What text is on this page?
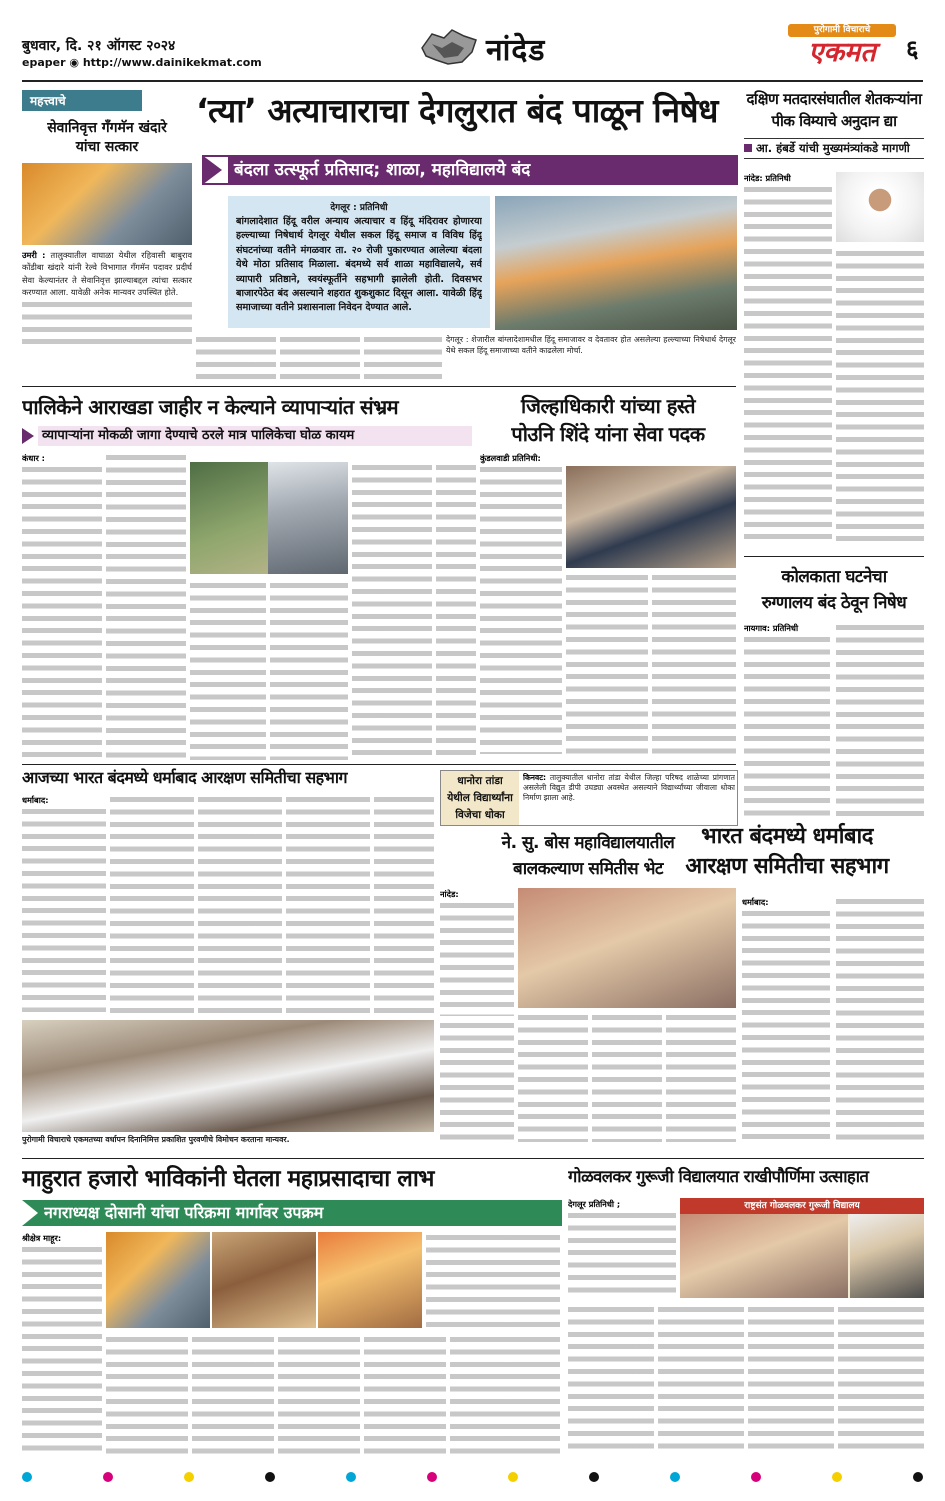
बुधवार, दि. २१ ऑगस्ट २०२४
epaper ◉ http://www.dainikekmat.com	नांदेड
पुरोगामी विचाराचे
एकमत	६
महत्त्वाचे
सेवानिवृत्त गॅंगमॅन खंदारे
यांचा सत्कार
उमरी : तालुक्यातील वाघाळा येथील रहिवासी बाबुराव कोंडीबा खंदारे यांनी रेल्वे विभागात गॅंगमॅन पदावर प्रदीर्घ सेवा केल्यानंतर ते सेवानिवृत्त झाल्याबद्दल त्यांचा सत्कार करण्यात आला. यावेळी अनेक मान्यवर उपस्थित होते.
‘त्या’ अत्याचाराचा देगलुरात बंद पाळून निषेध
बंदला उत्स्फूर्त प्रतिसाद; शाळा, महाविद्यालये बंद
देगलूर : प्रतिनिधी
बांगलादेशात हिंदू वरील अन्याय अत्याचार व हिंदू मंदिरावर होणारया हल्ल्याच्या निषेधार्थ देगलूर येथील सकल हिंदू समाज व विविध हिंदू संघटनांच्या वतीने मंगळवार ता. २० रोजी पुकारण्यात आलेल्या बंदला येथे मोठा प्रतिसाद मिळाला. बंदमध्ये सर्व शाळा महाविद्यालये, सर्व व्यापारी प्रतिष्ठाने, स्वयंस्फूर्तीने सहभागी झालेली होती. दिवसभर बाजारपेठेत बंद असल्याने शहरात शुकशुकाट दिसून आला. यावेळी हिंदू समाजाच्या वतीने प्रशासनाला निवेदन देण्यात आले.
देगलूर : शेजारील बांग्लादेशामधील हिंदू समाजावर व देवतावर होत असलेल्या हल्ल्याच्या निषेधार्थ देगलूर येथे सकल हिंदू समाजाच्या वतीने काढलेला मोर्चा.
दक्षिण मतदारसंघातील शेतकऱ्यांना
पीक विम्याचे अनुदान द्या
आ. हंबर्डे यांची मुख्यमंत्र्यांकडे मागणी
नांदेड: प्रतिनिधी
पालिकेने आराखडा जाहीर न केल्याने व्यापाऱ्यांत संभ्रम
व्यापाऱ्यांना मोकळी जागा देण्याचे ठरले मात्र पालिकेचा घोळ कायम
कंधार :
जिल्हाधिकारी यांच्या हस्ते
पोउनि शिंदे यांना सेवा पदक
कुंडलवाडी प्रतिनिधी:
कोलकाता घटनेचा
रुग्णालय बंद ठेवून निषेध
नायगाव: प्रतिनिधी
आजच्या भारत बंदमध्ये धर्माबाद आरक्षण समितीचा सहभाग
धर्माबाद:
धानोरा तांडा
येथील विद्यार्थ्यांना
विजेचा धोका
किनवट: तालुक्यातील धानोरा तांडा येथील जिल्हा परिषद शाळेच्या प्रांगणात असलेली विद्युत डीपी उघड्या अवस्थेत असल्याने विद्यार्थ्यांच्या जीवाला धोका निर्माण झाला आहे.
ने. सु. बोस महाविद्यालयातील
बालकल्याण समितीस भेट
नांदेड:
भारत बंदमध्ये धर्माबाद
आरक्षण समितीचा सहभाग
धर्माबाद:
पुरोगामी विचाराचे एकमतच्या वर्धापन दिनानिमित्त प्रकाशित पुरवणीचे विमोचन करताना मान्यवर.
माहुरात हजारो भाविकांनी घेतला महाप्रसादाचा लाभ
नगराध्यक्ष दोसानी यांचा परिक्रमा मार्गावर उपक्रम
श्रीक्षेत्र माहूर:
गोळवलकर गुरूजी विद्यालयात राखीपौर्णिमा उत्साहात
देगलूर प्रतिनिधी ;	राष्ट्रसंत गोळवलकर गुरूजी विद्यालय
